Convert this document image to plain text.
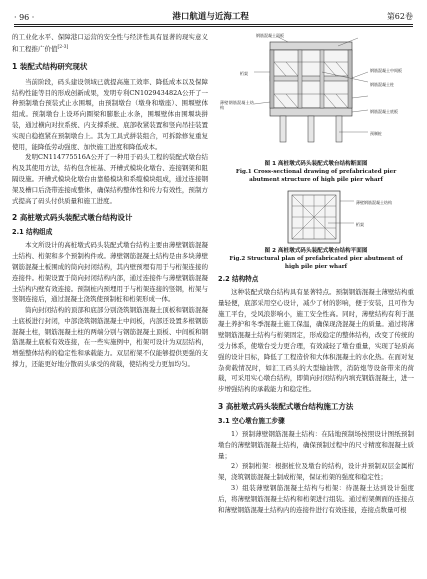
· 96 ·	港口航道与近海工程	第62卷

的工业化水平、保障港口运营的安全性与经济性具有显著的现实意义和工程推广价值[2-3]

1 装配式结构研究现状

当前阶段，码头建设领域已就提高施工效率、降低成本以及保障结构性能等目的形成创新成果，发明专利CN102943482A公开了一种预制墩台预装式止水围堰，由预制墩台（墩身和墩座）、围堰壁体组成。预制墩台上设环向圈梁和膨胀止水条，围堰壁体由围堰块拼装，通过横向对拉系统、内支撑系统、底部收紧装置和竖向吊挂装置实现自稳抱紧在预制墩台上。其为工具式拼装组合，可拆除修复重复使用，能降低劳动强度、加快施工进度和降低成本。

发明CN114775516A公开了一种用于码头工程的装配式墩台结构及其使用方法，结构包含桩基、开槽式模块化墩台、连接钢架和阻隔设施。开槽式模块化墩台由靠船模块和系缆模块组成，通过连接钢架及槽口后浇带连接成整体，确保结构整体性和传力有效性，预制方式提高了码头付供质量和施工进度。

2 高桩墩式码头装配式墩台结构设计
2.1 结构组成

本文所设计的高桩墩式码头装配式墩台结构主要由薄壁钢筋混凝土结构、桁架和多个预制构件或。薄壁钢筋混凝土结构是由多块薄壁钢筋混凝土板围成的筒向封闭结构，其内壁预埋有用于与桁架连接的连接件。桁架设置于筒向封闭结构内部，通过连接件与薄壁钢筋混凝土结构内壁有效连接。预制桩内预埋用于与桁架连接的竖钢，桁架与竖钢连接后，通过混凝土浇筑使预制桩和桁架形成一体。

筒向封闭结构的顶部和底部分别浇筑钢筋混凝土顶板和钢筋混凝土底板进行封闭，中部浇筑钢筋混凝土中间板，内部还设置多根钢筋混凝土柱，钢筋混凝土柱的两端分别与钢筋混凝土顶板、中间板和钢筋混凝土底板有效连接，在一些实施例中，桁架可设计为双层结构，增强整体结构的稳定性和承载能力。双层桁架不仅能够提供更强的支撑力，还能更好地分散码头承受的荷载，使结构受力更加均匀。

钢筋混凝土顶板
钢筋混凝土中间板
钢筋混凝土柱
钢筋混凝土底板
桁架
薄壁钢筋混凝土结构
预制桩
图 1 高桩墩式码头装配式墩台结构断面图
Fig.1 Cross-sectional drawing of prefabricated pier
abutment structure of high pile pier wharf
薄壁钢筋混凝土结构
桁架
图 2 高桩墩式码头装配式墩台结构平面图
Fig.2 Structural plan of prefabricated pier abutment of
high pile pier wharf
2.2 结构特点

这种装配式墩台结构具有显著特点。预制钢筋混凝土薄壁结构重量轻便，底部采用空心设计，减少了材的影响，便于安装，且可作为施工平台，受风浪影响小，施工安全性高。同时，薄壁结构有利于混凝土养护和冬季混凝土施工保温，确保现浇混凝土的质量。通过将薄壁钢筋混凝土结构与桁架固定，形成稳定的整体结构，改变了传统的受力体系，使墩台受力更合理，有效减轻了墩台重量，实现了轻质高强的设计目标，降低了工程造价和大体积混凝土的水化热。在面对复杂荷载情况时，如汇工码头的大型输油管，消防炮等设备带来的荷载，可采用实心墩台结构，即简向封闭结构内填充钢筋混凝土，进一步增强结构的承载能力和稳定性。

3 高桩墩式码头装配式墩台结构施工方法
3.1 空心墩台施工步骤

1）预制薄壁钢筋混凝土结构：在陆地预制场按照设计图纸预制墩台的薄壁钢筋混凝土结构，确保预制过程中的尺寸精度和混凝土质量；

2）预制桁架：根据桩位及墩台的结构，设计并预制双层金属桁架，浇筑钢筋混凝土制成桁架，保证桁架的强度和稳定性；

3）组装薄壁钢筋混凝土结构与桁架：待混凝土达到设计强度后，将薄壁钢筋混凝土结构和桁架进行组装。通过桁架侧面的连接点和薄壁钢筋混凝土结构内的连接件进行有效连接，连接点数量可根
